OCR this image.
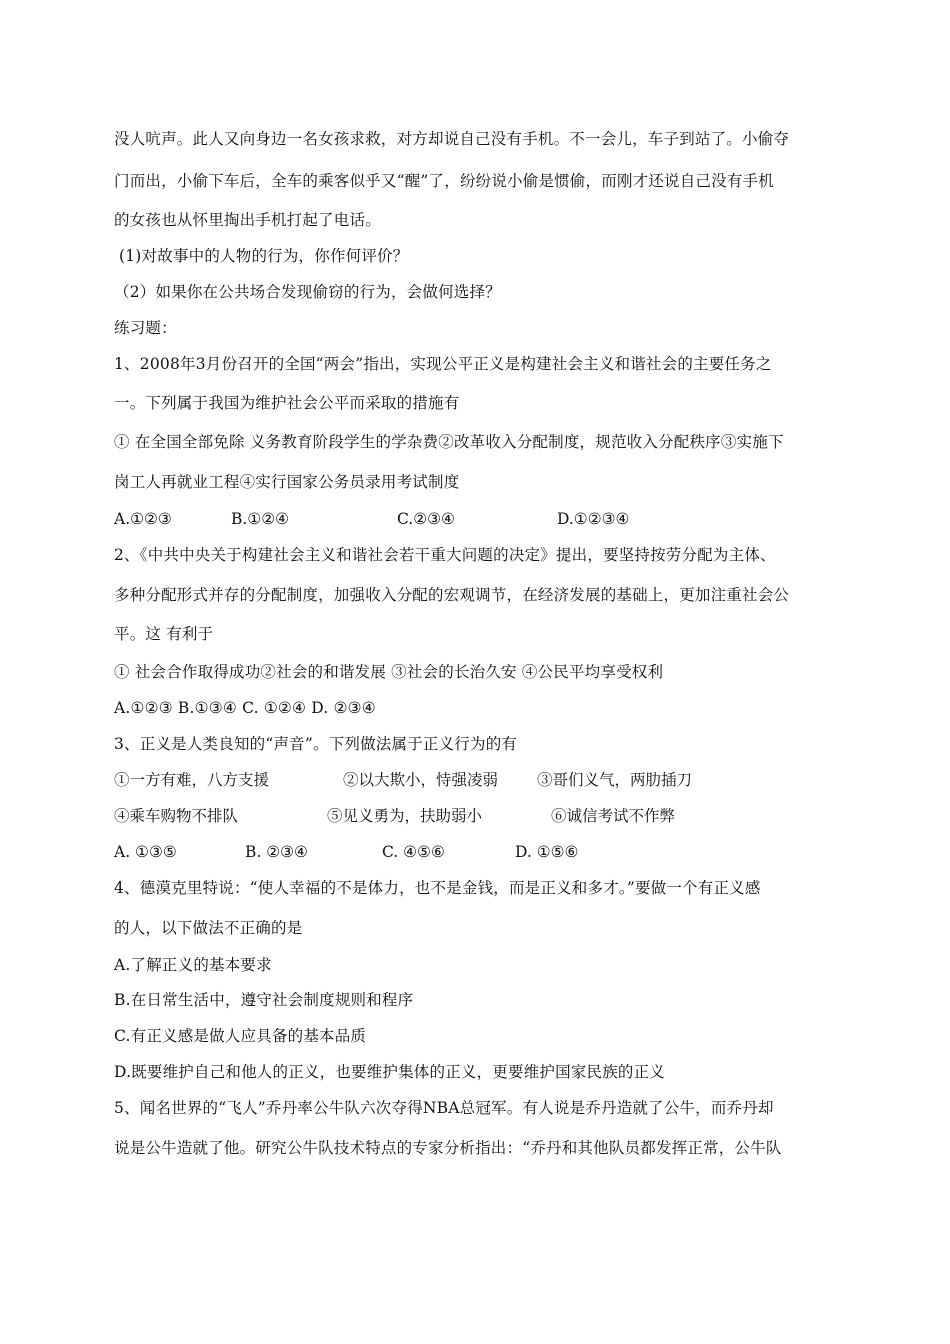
没人吭声。此人又向身边一名女孩求救，对方却说自己没有手机。不一会儿，车子到站了。小偷夺
门而出，小偷下车后，全车的乘客似乎又“醒”了，纷纷说小偷是惯偷，而刚才还说自己没有手机
的女孩也从怀里掏出手机打起了电话。
(1)对故事中的人物的行为，你作何评价？
（2）如果你在公共场合发现偷窃的行为，会做何选择？
练习题：
1、2008年3月份召开的全国“两会”指出，实现公平正义是构建社会主义和谐社会的主要任务之
一。下列属于我国为维护社会公平而采取的措施有
① 在全国全部免除 义务教育阶段学生的学杂费②改革收入分配制度，规范收入分配秩序③实施下
岗工人再就业工程④实行国家公务员录用考试制度
A.①②③	B.①②④	C.②③④	D.①②③④
2、《中共中央关于构建社会主义和谐社会若干重大问题的决定》提出，要坚持按劳分配为主体、
多种分配形式并存的分配制度，加强收入分配的宏观调节，在经济发展的基础上，更加注重社会公
平。这 有利于
① 社会合作取得成功②社会的和谐发展 ③社会的长治久安 ④公民平均享受权利
A.①②③ B.①③④ C. ①②④ D. ②③④
3、正义是人类良知的“声音”。下列做法属于正义行为的有
①一方有难，八方支援	②以大欺小，恃强凌弱	③哥们义气，两肋插刀
④乘车购物不排队	⑤见义勇为，扶助弱小	⑥诚信考试不作弊
A. ①③⑤	B. ②③④	C. ④⑤⑥	D. ①⑤⑥
4、德漠克里特说：“使人幸福的不是体力，也不是金钱，而是正义和多才。”要做一个有正义感
的人，以下做法不正确的是
A.了解正义的基本要求
B.在日常生活中，遵守社会制度规则和程序
C.有正义感是做人应具备的基本品质
D.既要维护自己和他人的正义，也要维护集体的正义，更要维护国家民族的正义
5、闻名世界的“飞人”乔丹率公牛队六次夺得NBA总冠军。有人说是乔丹造就了公牛，而乔丹却
说是公牛造就了他。研究公牛队技术特点的专家分析指出：“乔丹和其他队员都发挥正常，公牛队
